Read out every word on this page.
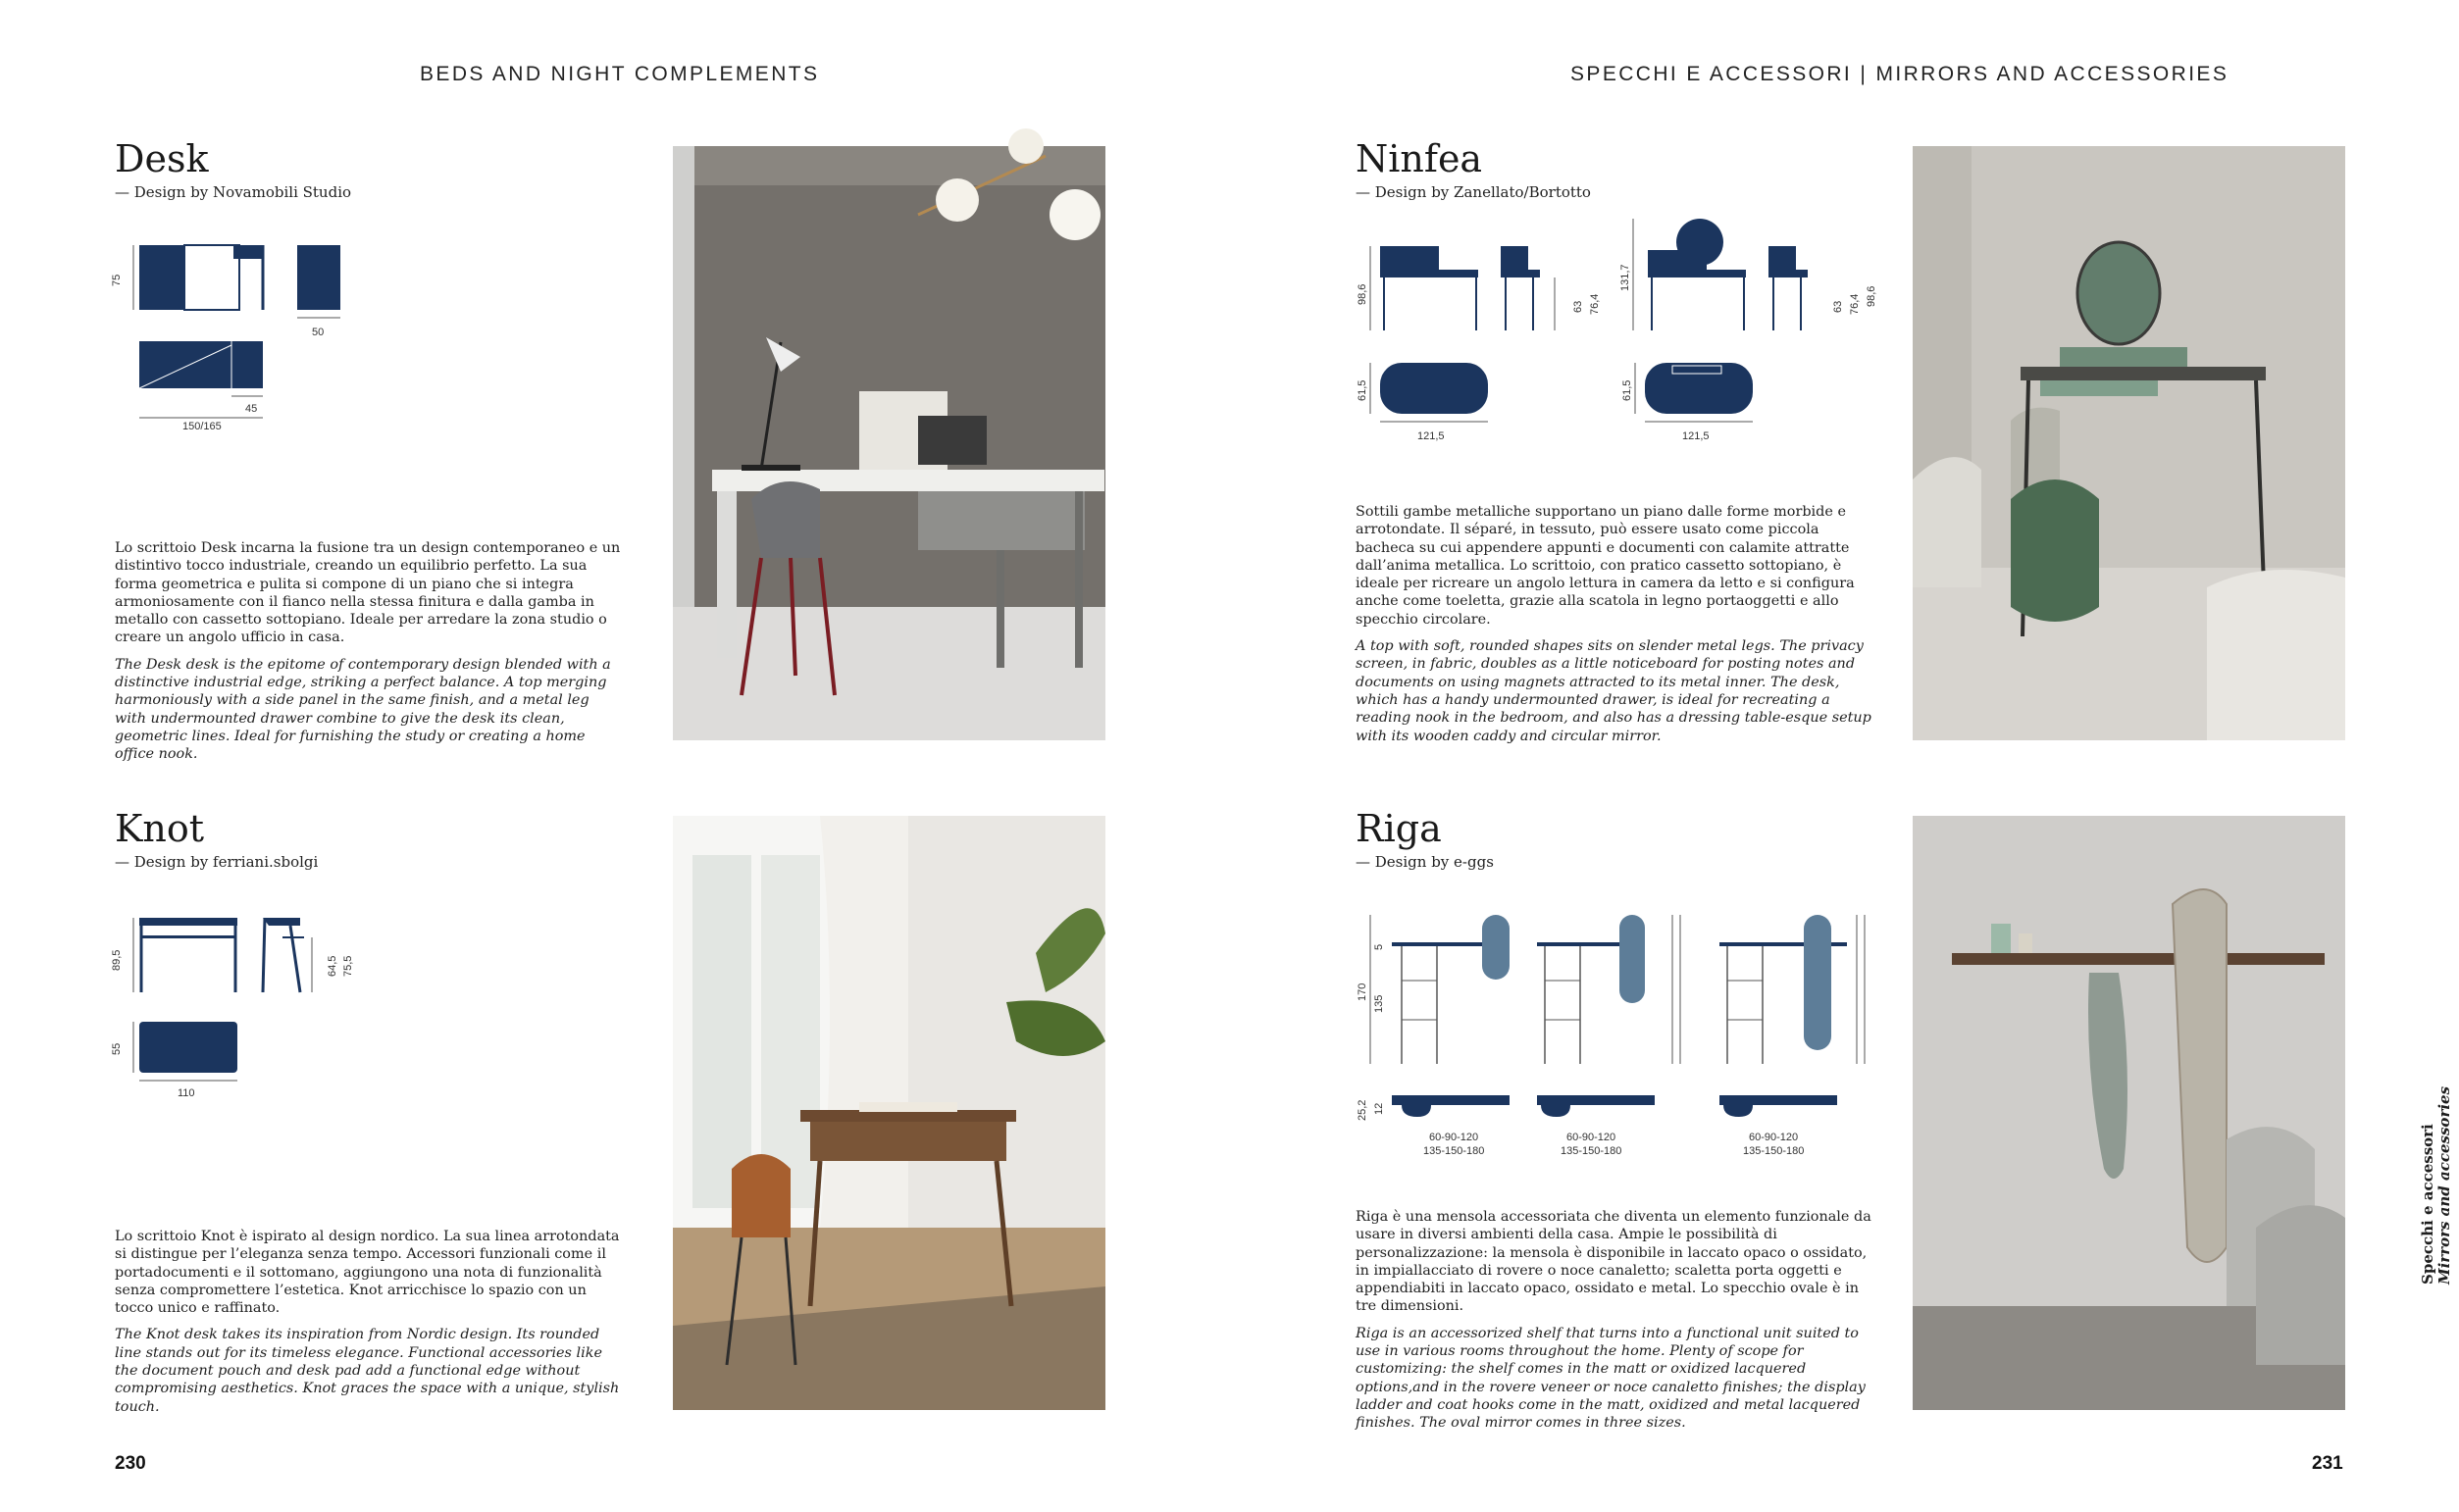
BEDS AND NIGHT COMPLEMENTS
Desk
— Design by Novamobili Studio
75
50
45
150/165

Lo scrittoio Desk incarna la fusione tra un design contemporaneo e un distintivo tocco industriale, creando un equilibrio perfetto. La sua forma geometrica e pulita si compone di un piano che si integra armoniosamente con il fianco nella stessa finitura e dalla gamba in metallo con cassetto sottopiano. Ideale per arredare la zona studio o creare un angolo ufficio in casa.

The Desk desk is the epitome of contemporary design blended with a distinctive industrial edge, striking a perfect balance. A top merging harmoniously with a side panel in the same finish, and a metal leg with undermounted drawer combine to give the desk its clean, geometric lines. Ideal for furnishing the study or creating a home office nook.

Knot
— Design by ferriani.sbolgi
89,5	64,5 75,5
55
110

Lo scrittoio Knot è ispirato al design nordico. La sua linea arrotondata si distingue per l’eleganza senza tempo. Accessori funzionali come il portadocumenti e il sottomano, aggiungono una nota di funzionalità senza compromettere l’estetica. Knot arricchisce lo spazio con un tocco unico e raffinato.

The Knot desk takes its inspiration from Nordic design. Its rounded line stands out for its timeless elegance. Functional accessories like the document pouch and desk pad add a functional edge without compromising aesthetics. Knot graces the space with a unique, stylish touch.

230
SPECCHI E ACCESSORI | MIRRORS AND ACCESSORIES
Ninfea
— Design by Zanellato/Bortotto
98,6
63 76,4
131,7
63 76,4 98,6
61,5
121,5
61,5
121,5

Sottili gambe metalliche supportano un piano dalle forme morbide e arrotondate. Il séparé, in tessuto, può essere usato come piccola bacheca su cui appendere appunti e documenti con calamite attratte dall’anima metallica. Lo scrittoio, con pratico cassetto sottopiano, è ideale per ricreare un angolo lettura in camera da letto e si configura anche come toeletta, grazie alla scatola in legno portaoggetti e allo specchio circolare.

A top with soft, rounded shapes sits on slender metal legs. The privacy screen, in fabric, doubles as a little noticeboard for posting notes and documents on using magnets attracted to its metal inner. The desk, which has a handy undermounted drawer, is ideal for recreating a reading nook in the bedroom, and also has a dressing table-esque setup with its wooden caddy and circular mirror.

Riga
— Design by e-ggs
170
5
135
25,2 12
60-90-120
135-150-180
60-90-120
135-150-180
60-90-120
135-150-180

Riga è una mensola accessoriata che diventa un elemento funzionale da usare in diversi ambienti della casa. Ampie le possibilità di personalizzazione: la mensola è disponibile in laccato opaco o ossidato, in impiallacciato di rovere o noce canaletto; scaletta porta oggetti e appendiabiti in laccato opaco, ossidato e metal. Lo specchio ovale è in tre dimensioni.

Riga is an accessorized shelf that turns into a functional unit suited to use in various rooms throughout the home. Plenty of scope for customizing: the shelf comes in the matt or oxidized lacquered options,and in the rovere veneer or noce canaletto finishes; the display ladder and coat hooks come in the matt, oxidized and metal lacquered finishes. The oval mirror comes in three sizes.

231
Specchi e accessori Mirrors and accessories
